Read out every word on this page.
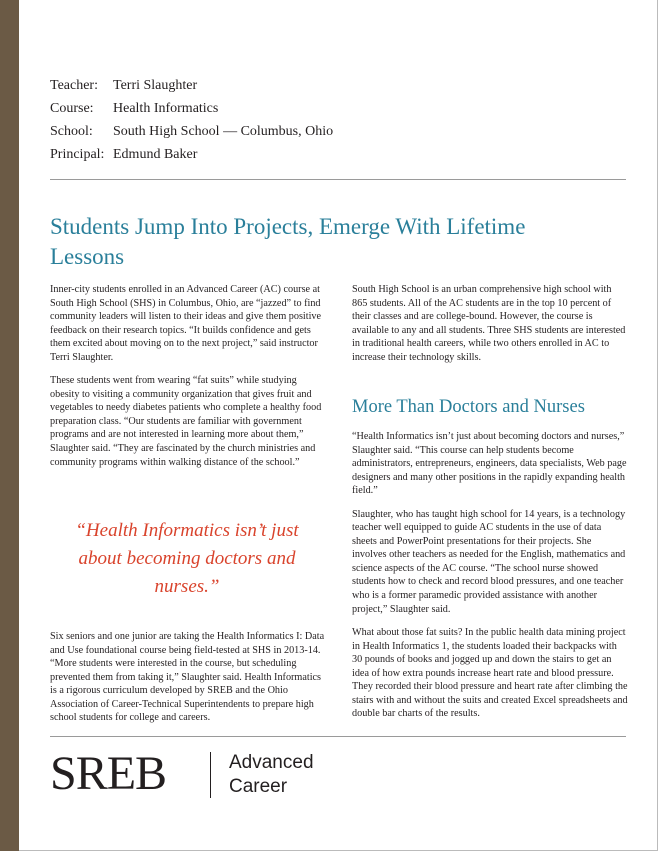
Teacher:	Terri Slaughter
Course:	Health Informatics
School:	South High School — Columbus, Ohio
Principal: Edmund Baker
Students Jump Into Projects, Emerge With Lifetime Lessons

Inner-city students enrolled in an Advanced Career (AC) course at South High School (SHS) in Columbus, Ohio, are “jazzed” to find community leaders will listen to their ideas and give them positive feedback on their research topics. “It builds confidence and gets them excited about moving on to the next project,” said instructor Terri Slaughter.

These students went from wearing “fat suits” while studying obesity to visiting a community organization that gives fruit and vegetables to needy diabetes patients who complete a healthy food preparation class. “Our students are familiar with government programs and are not interested in learning more about them,” Slaughter said. “They are fascinated by the church ministries and community programs within walking distance of the school.”

“Health Informatics isn’t just about becoming doctors and nurses.”

Six seniors and one junior are taking the Health Informatics I: Data and Use foundational course being field-tested at SHS in 2013-14. “More students were interested in the course, but scheduling prevented them from taking it,” Slaughter said. Health Informatics is a rigorous curriculum developed by SREB and the Ohio Association of Career-Technical Superintendents to prepare high school students for college and careers.

South High School is an urban comprehensive high school with 865 students. All of the AC students are in the top 10 percent of their classes and are college-bound. However, the course is available to any and all students. Three SHS students are interested in traditional health careers, while two others enrolled in AC to increase their technology skills.

More Than Doctors and Nurses

“Health Informatics isn’t just about becoming doctors and nurses,” Slaughter said. “This course can help students become administrators, entrepreneurs, engineers, data specialists, Web page designers and many other positions in the rapidly expanding health field.”

Slaughter, who has taught high school for 14 years, is a technology teacher well equipped to guide AC students in the use of data sheets and PowerPoint presentations for their projects. She involves other teachers as needed for the English, mathematics and science aspects of the AC course. “The school nurse showed students how to check and record blood pressures, and one teacher who is a former paramedic provided assistance with another project,” Slaughter said.

What about those fat suits? In the public health data mining project in Health Informatics 1, the students loaded their backpacks with 30 pounds of books and jogged up and down the stairs to get an idea of how extra pounds increase heart rate and blood pressure. They recorded their blood pressure and heart rate after climbing the stairs with and without the suits and created Excel spreadsheets and double bar charts of the results.

SREB	Advanced
Career
